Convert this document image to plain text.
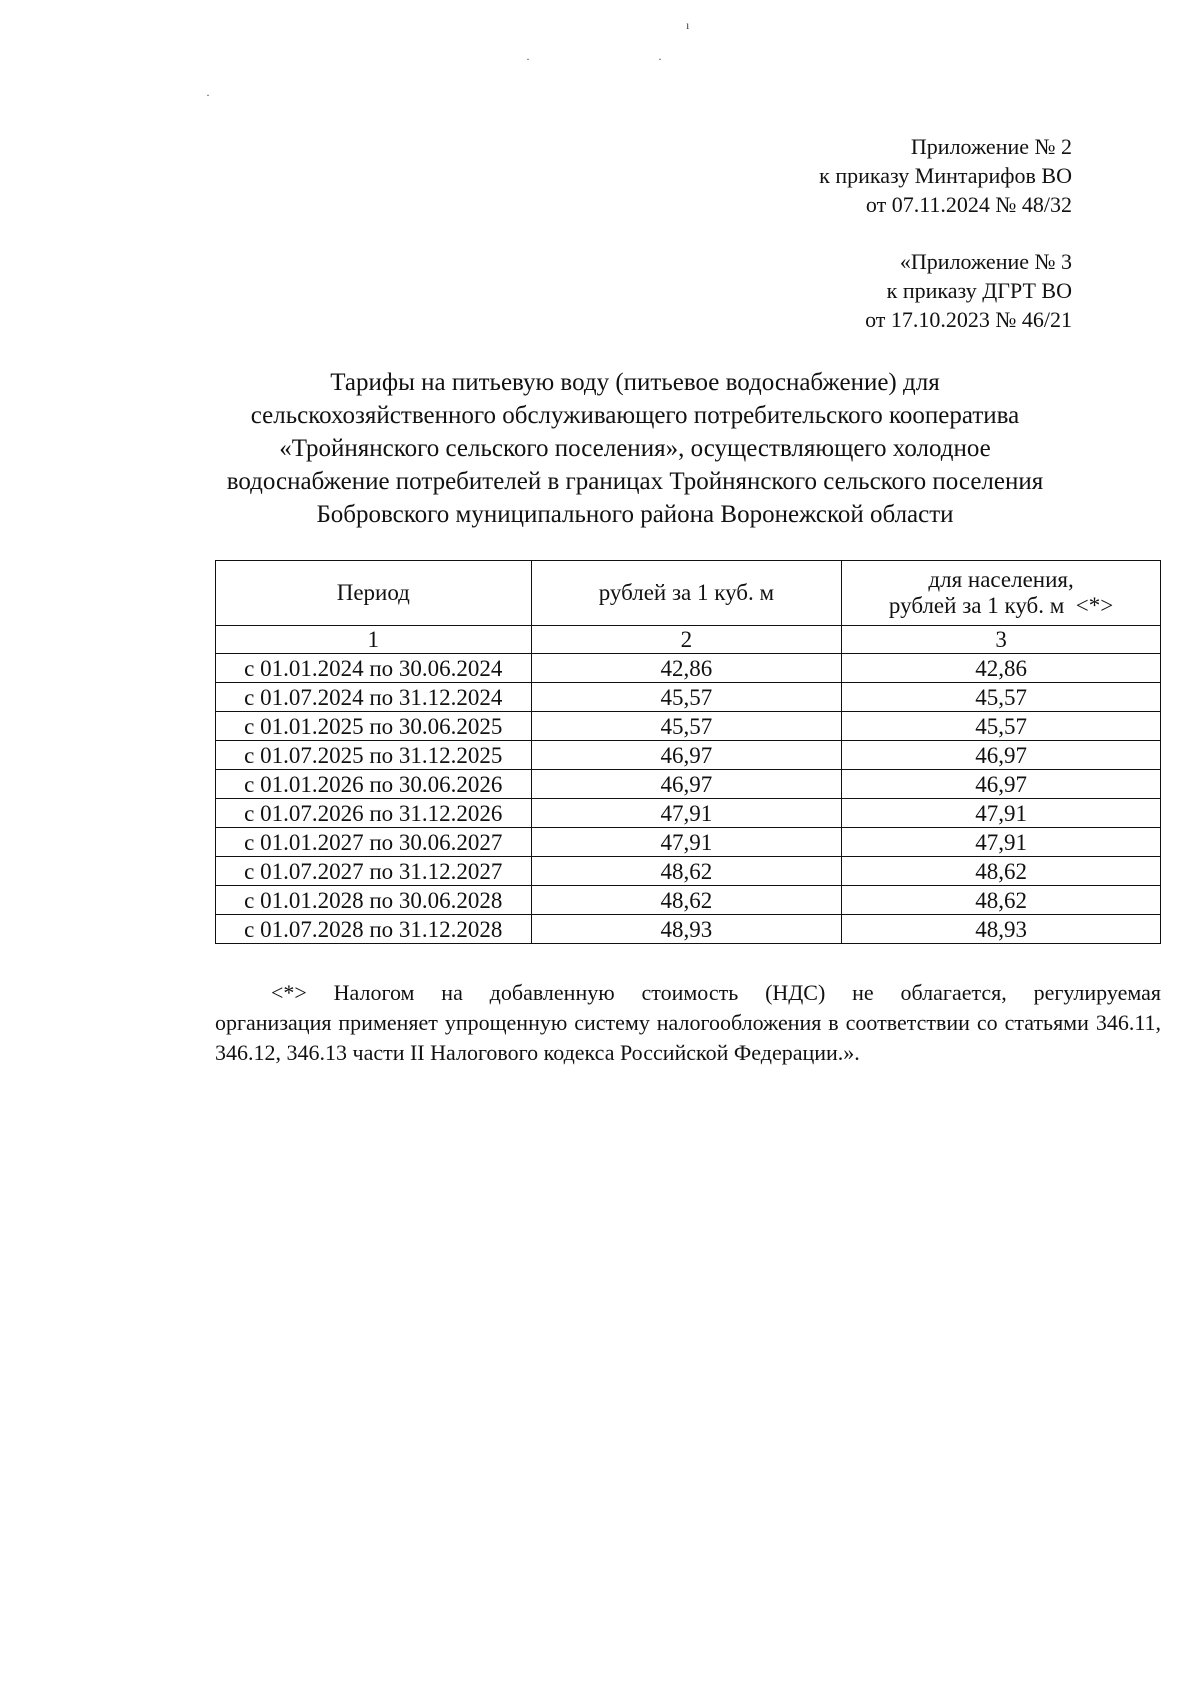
ı
·	·
·
Приложение № 2
к приказу Минтарифов ВО
от 07.11.2024 № 48/32
«Приложение № 3
к приказу ДГРТ ВО
от 17.10.2023 № 46/21
Тарифы на питьевую воду (питьевое водоснабжение) для
сельскохозяйственного обслуживающего потребительского кооператива
«Тройнянского сельского поселения», осуществляющего холодное
водоснабжение потребителей в границах Тройнянского сельского поселения
Бобровского муниципального района Воронежской области
Период	рублей за 1 куб. м	для населения,
рублей за 1 куб. м  <*>

1	2	3
с 01.01.2024 по 30.06.2024	42,86	42,86
с 01.07.2024 по 31.12.2024	45,57	45,57
с 01.01.2025 по 30.06.2025	45,57	45,57
с 01.07.2025 по 31.12.2025	46,97	46,97
с 01.01.2026 по 30.06.2026	46,97	46,97
с 01.07.2026 по 31.12.2026	47,91	47,91
с 01.01.2027 по 30.06.2027	47,91	47,91
с 01.07.2027 по 31.12.2027	48,62	48,62
с 01.01.2028 по 30.06.2028	48,62	48,62
с 01.07.2028 по 31.12.2028	48,93	48,93
<*> Налогом на добавленную стоимость (НДС) не облагается, регулируемая
организация применяет упрощенную систему налогообложения в соответствии со статьями 346.11, 346.12, 346.13 части II Налогового кодекса Российской Федерации.».
